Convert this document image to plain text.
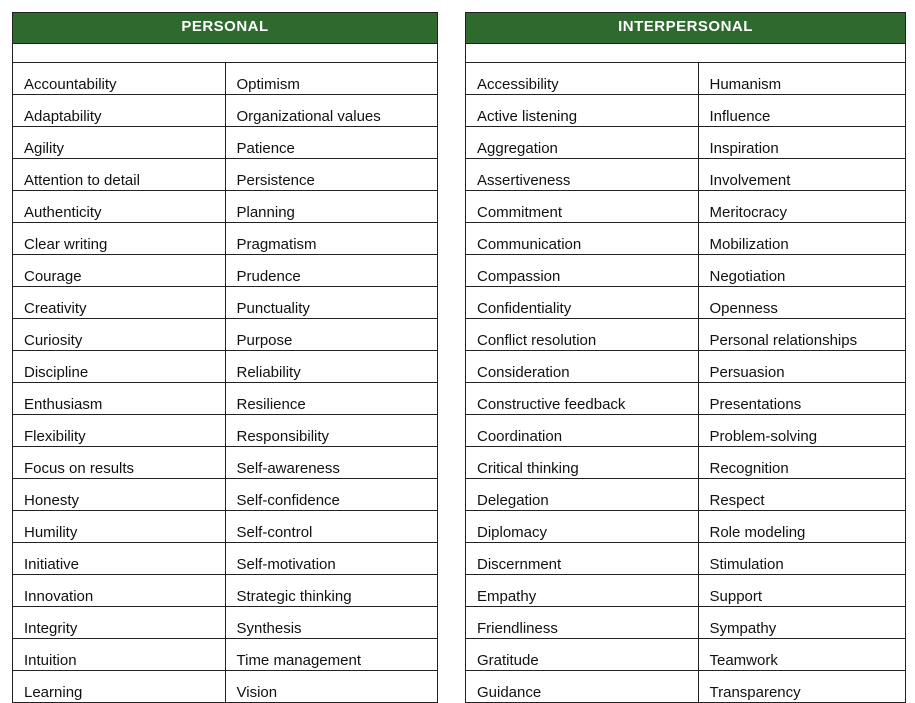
PERSONAL
Accountability	Optimism
Adaptability	Organizational values
Agility	Patience
Attention to detail	Persistence
Authenticity	Planning
Clear writing	Pragmatism
Courage	Prudence
Creativity	Punctuality
Curiosity	Purpose
Discipline	Reliability
Enthusiasm	Resilience
Flexibility	Responsibility
Focus on results	Self-awareness
Honesty	Self-confidence
Humility	Self-control
Initiative	Self-motivation
Innovation	Strategic thinking
Integrity	Synthesis
Intuition	Time management
Learning	Vision
INTERPERSONAL
Accessibility	Humanism
Active listening	Influence
Aggregation	Inspiration
Assertiveness	Involvement
Commitment	Meritocracy
Communication	Mobilization
Compassion	Negotiation
Confidentiality	Openness
Conflict resolution	Personal relationships
Consideration	Persuasion
Constructive feedback	Presentations
Coordination	Problem-solving
Critical thinking	Recognition
Delegation	Respect
Diplomacy	Role modeling
Discernment	Stimulation
Empathy	Support
Friendliness	Sympathy
Gratitude	Teamwork
Guidance	Transparency
